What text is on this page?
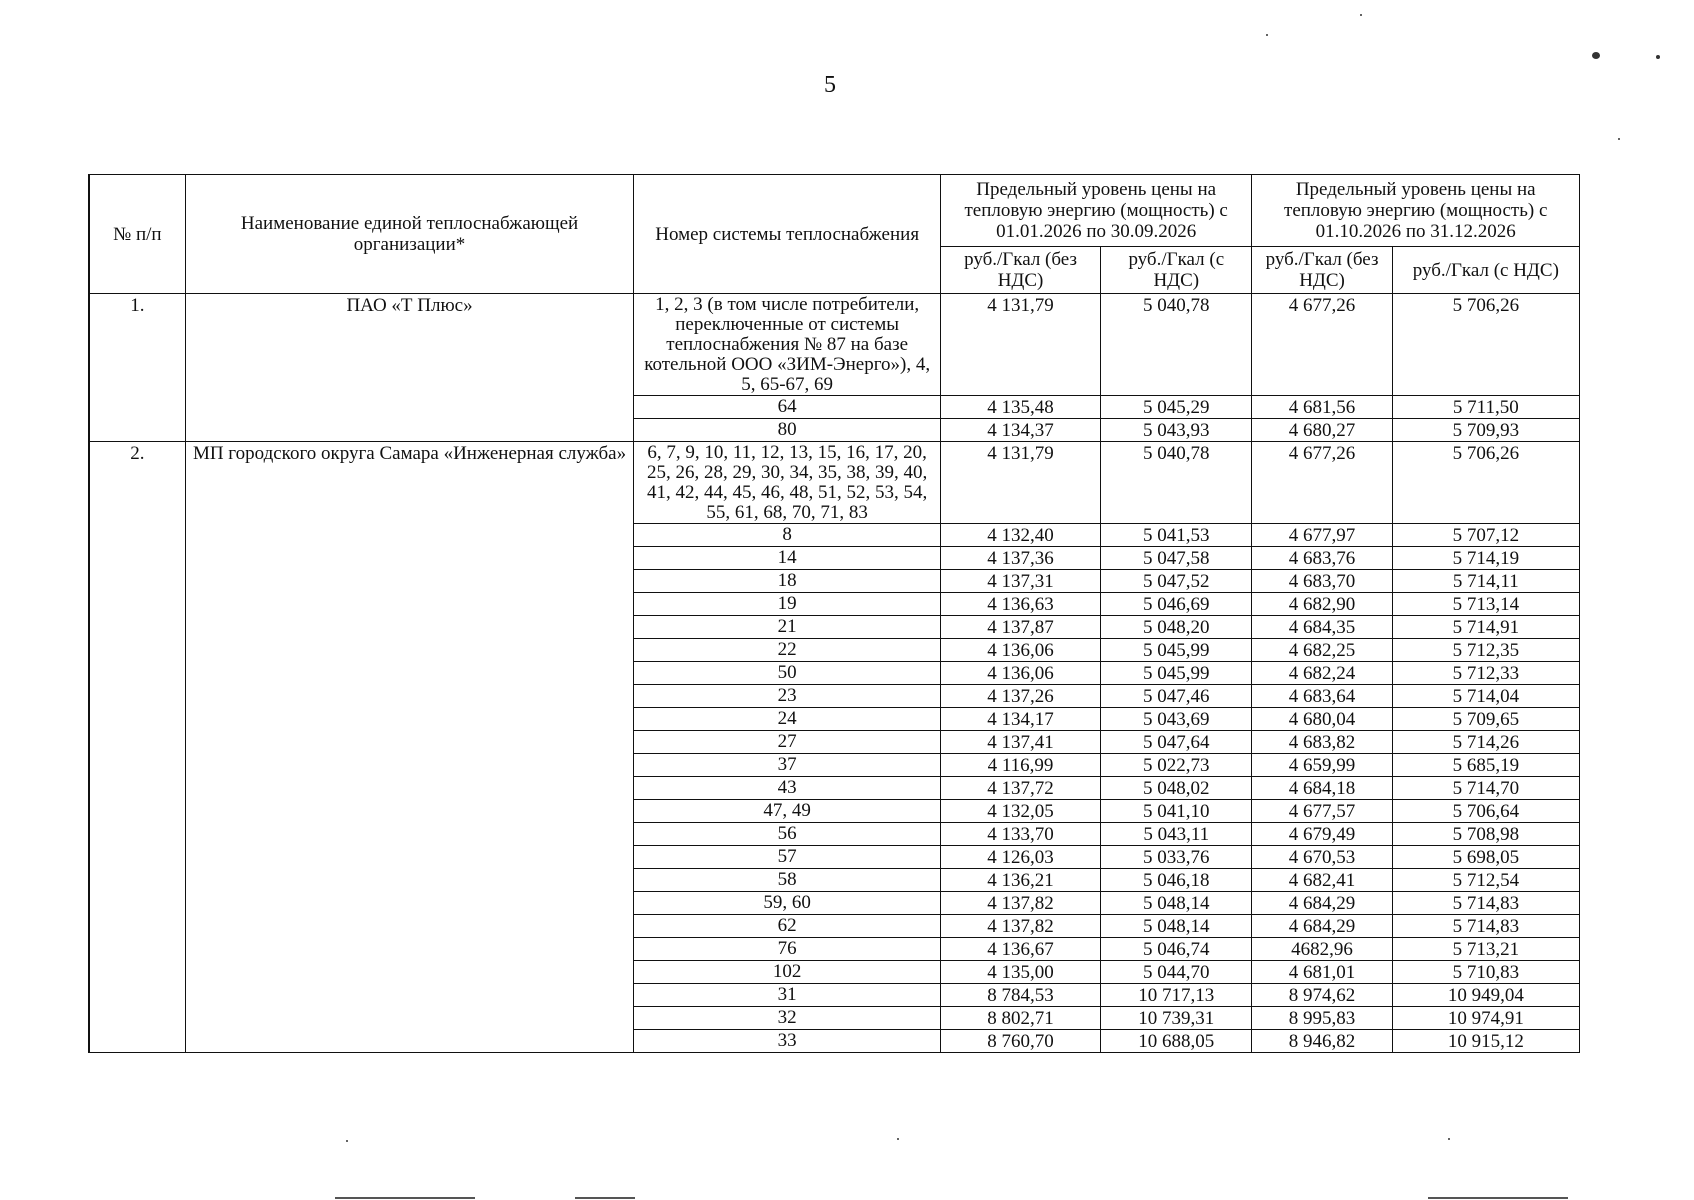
5
№ п/п	Наименование единой теплоснабжающей организации*	Номер системы теплоснабжения	Предельный уровень цены на тепловую энергию (мощность) с 01.01.2026 по 30.09.2026		Предельный уровень цены на тепловую энергию (мощность) с 01.10.2026 по 31.12.2026	
			руб./Гкал (без НДС)	руб./Гкал (с НДС)	руб./Гкал (без НДС)	руб./Гкал (с НДС)
1.	ПАО «Т Плюс»	1, 2, 3 (в том числе потребители, переключенные от системы теплоснабжения № 87 на базе котельной ООО «ЗИМ-Энерго»), 4, 5, 65-67, 69	4 131,79	5 040,78	4 677,26	5 706,26
		64	4 135,48	5 045,29	4 681,56	5 711,50
		80	4 134,37	5 043,93	4 680,27	5 709,93
2.	МП городского округа Самара «Инженерная служба»	6, 7, 9, 10, 11, 12, 13, 15, 16, 17, 20, 25, 26, 28, 29, 30, 34, 35, 38, 39, 40, 41, 42, 44, 45, 46, 48, 51, 52, 53, 54, 55, 61, 68, 70, 71, 83	4 131,79	5 040,78	4 677,26	5 706,26
		8	4 132,40	5 041,53	4 677,97	5 707,12
		14	4 137,36	5 047,58	4 683,76	5 714,19
		18	4 137,31	5 047,52	4 683,70	5 714,11
		19	4 136,63	5 046,69	4 682,90	5 713,14
		21	4 137,87	5 048,20	4 684,35	5 714,91
		22	4 136,06	5 045,99	4 682,25	5 712,35
		50	4 136,06	5 045,99	4 682,24	5 712,33
		23	4 137,26	5 047,46	4 683,64	5 714,04
		24	4 134,17	5 043,69	4 680,04	5 709,65
		27	4 137,41	5 047,64	4 683,82	5 714,26
		37	4 116,99	5 022,73	4 659,99	5 685,19
		43	4 137,72	5 048,02	4 684,18	5 714,70
		47, 49	4 132,05	5 041,10	4 677,57	5 706,64
		56	4 133,70	5 043,11	4 679,49	5 708,98
		57	4 126,03	5 033,76	4 670,53	5 698,05
		58	4 136,21	5 046,18	4 682,41	5 712,54
		59, 60	4 137,82	5 048,14	4 684,29	5 714,83
		62	4 137,82	5 048,14	4 684,29	5 714,83
		76	4 136,67	5 046,74	4682,96	5 713,21
		102	4 135,00	5 044,70	4 681,01	5 710,83
		31	8 784,53	10 717,13	8 974,62	10 949,04
		32	8 802,71	10 739,31	8 995,83	10 974,91
		33	8 760,70	10 688,05	8 946,82	10 915,12
